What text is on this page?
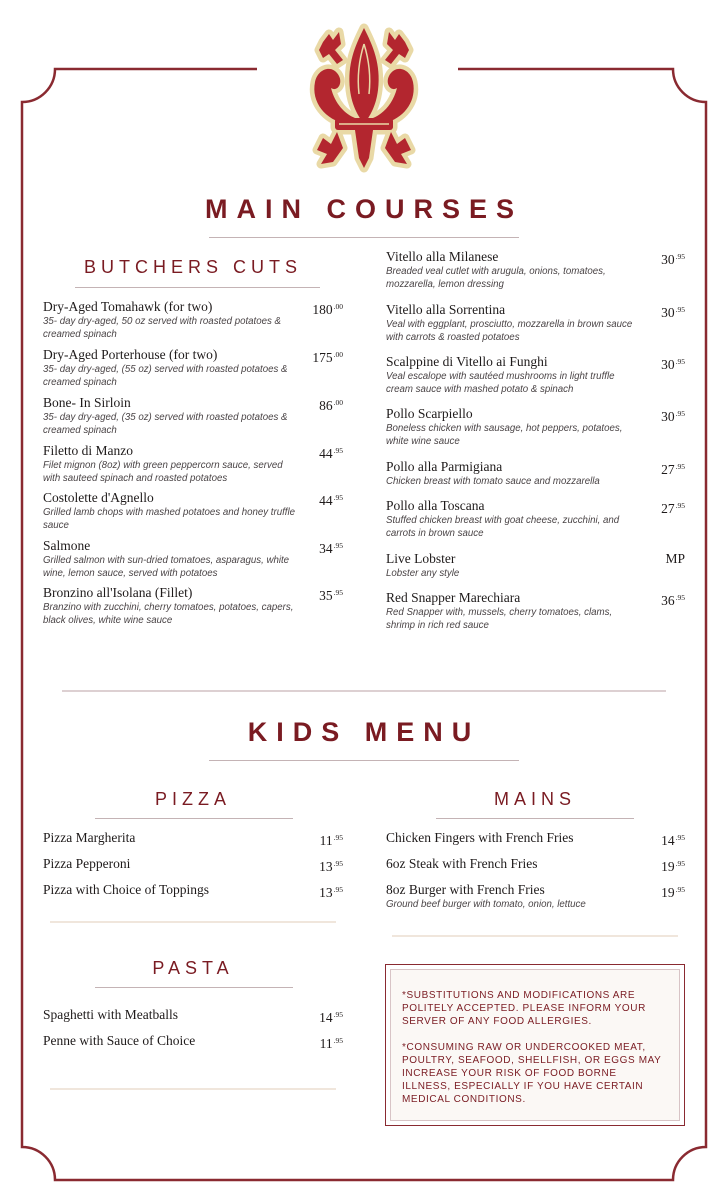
MAIN COURSES
BUTCHERS CUTS
Dry-Aged Tomahawk (for two)
35- day dry-aged, 50 oz served with roasted potatoes & creamed spinach
$180^{.00}$
Dry-Aged Porterhouse (for two)
35- day dry-aged, (55 oz) served with roasted potatoes & creamed spinach
$175^{.00}$
Bone- In Sirloin
35- day dry-aged, (35 oz) served with roasted potatoes & creamed spinach
$86^{.00}$
Filetto di Manzo
Filet mignon (8oz) with green peppercorn sauce, served with sauteed spinach and roasted potatoes
$44^{.95}$
Costolette d'Agnello
Grilled lamb chops with mashed potatoes and honey truffle sauce
$44^{.95}$
Salmone
Grilled salmon with sun-dried tomatoes, asparagus, white wine, lemon sauce, served with potatoes
$34^{.95}$
Bronzino all'Isolana (Fillet)
Branzino with zucchini, cherry tomatoes, potatoes, capers, black olives, white wine sauce
$35^{.95}$
Vitello alla Milanese
Breaded veal cutlet with arugula, onions, tomatoes, mozzarella, lemon dressing
$30^{.95}$
Vitello alla Sorrentina
Veal with eggplant, prosciutto, mozzarella in brown sauce with carrots & roasted potatoes
$30^{.95}$
Scalppine di Vitello ai Funghi
Veal escalope with sautéed mushrooms in light truffle cream sauce with mashed potato & spinach
$30^{.95}$
Pollo Scarpiello
Boneless chicken with sausage, hot peppers, potatoes, white wine sauce
$30^{.95}$
Pollo alla Parmigiana
Chicken breast with tomato sauce and mozzarella
$27^{.95}$
Pollo alla Toscana
Stuffed chicken breast with goat cheese, zucchini, and carrots in brown sauce
$27^{.95}$
Live Lobster
Lobster any style
MP
Red Snapper Marechiara
Red Snapper with, mussels, cherry tomatoes, clams, shrimp in rich red sauce
$36^{.95}$
KIDS MENU
PIZZA	MAINS
Pizza Margherita	$11^{.95}$
Pizza Pepperoni	$13^{.95}$
Pizza with Choice of Toppings	$13^{.95}$
Chicken Fingers with French Fries	$14^{.95}$
6oz Steak with French Fries	$19^{.95}$
8oz Burger with French Fries
Ground beef burger with tomato, onion, lettuce
$19^{.95}$
PASTA
Spaghetti with Meatballs	$14^{.95}$
Penne with Sauce of Choice	$11^{.95}$

*SUBSTITUTIONS AND MODIFICATIONS ARE POLITELY ACCEPTED. PLEASE INFORM YOUR SERVER OF ANY FOOD ALLERGIES.

*CONSUMING RAW OR UNDERCOOKED MEAT, POULTRY, SEAFOOD, SHELLFISH, OR EGGS MAY INCREASE YOUR RISK OF FOOD BORNE ILLNESS, ESPECIALLY IF YOU HAVE CERTAIN MEDICAL CONDITIONS.
